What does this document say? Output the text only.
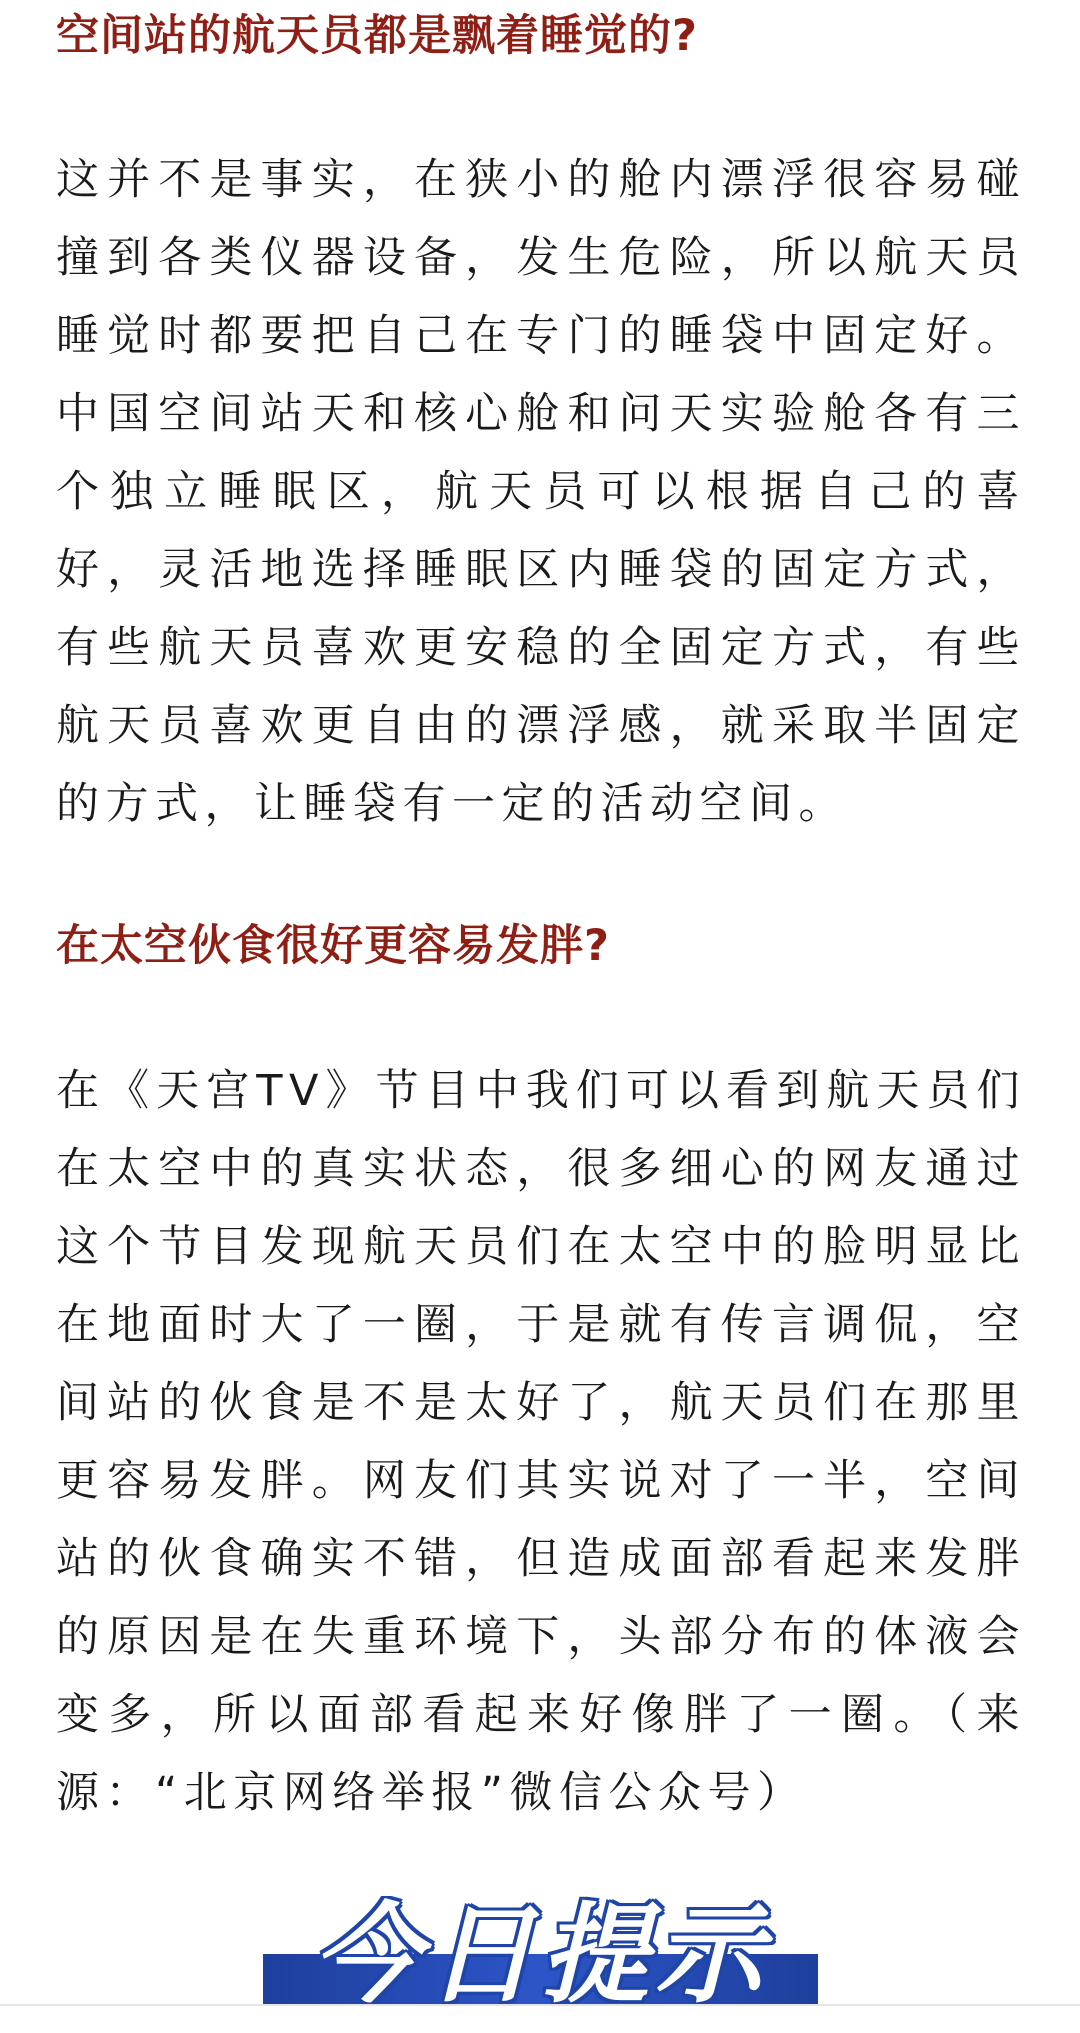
空间站的航天员都是飘着睡觉的?

这并不是事实，在狭小的舱内漂浮很容易碰撞到各类仪器设备，发生危险，所以航天员睡觉时都要把自己在专门的睡袋中固定好。中国空间站天和核心舱和问天实验舱各有三个独立睡眠区，航天员可以根据自己的喜好，灵活地选择睡眠区内睡袋的固定方式，有些航天员喜欢更安稳的全固定方式，有些航天员喜欢更自由的漂浮感，就采取半固定的方式，让睡袋有一定的活动空间。

在太空伙食很好更容易发胖?

在《天宫TV》节目中我们可以看到航天员们在太空中的真实状态，很多细心的网友通过这个节目发现航天员们在太空中的脸明显比在地面时大了一圈，于是就有传言调侃，空间站的伙食是不是太好了，航天员们在那里更容易发胖。网友们其实说对了一半，空间站的伙食确实不错，但造成面部看起来发胖的原因是在失重环境下，头部分布的体液会变多，所以面部看起来好像胖了一圈。（来源：“北京网络举报”微信公众号）

今日提示
